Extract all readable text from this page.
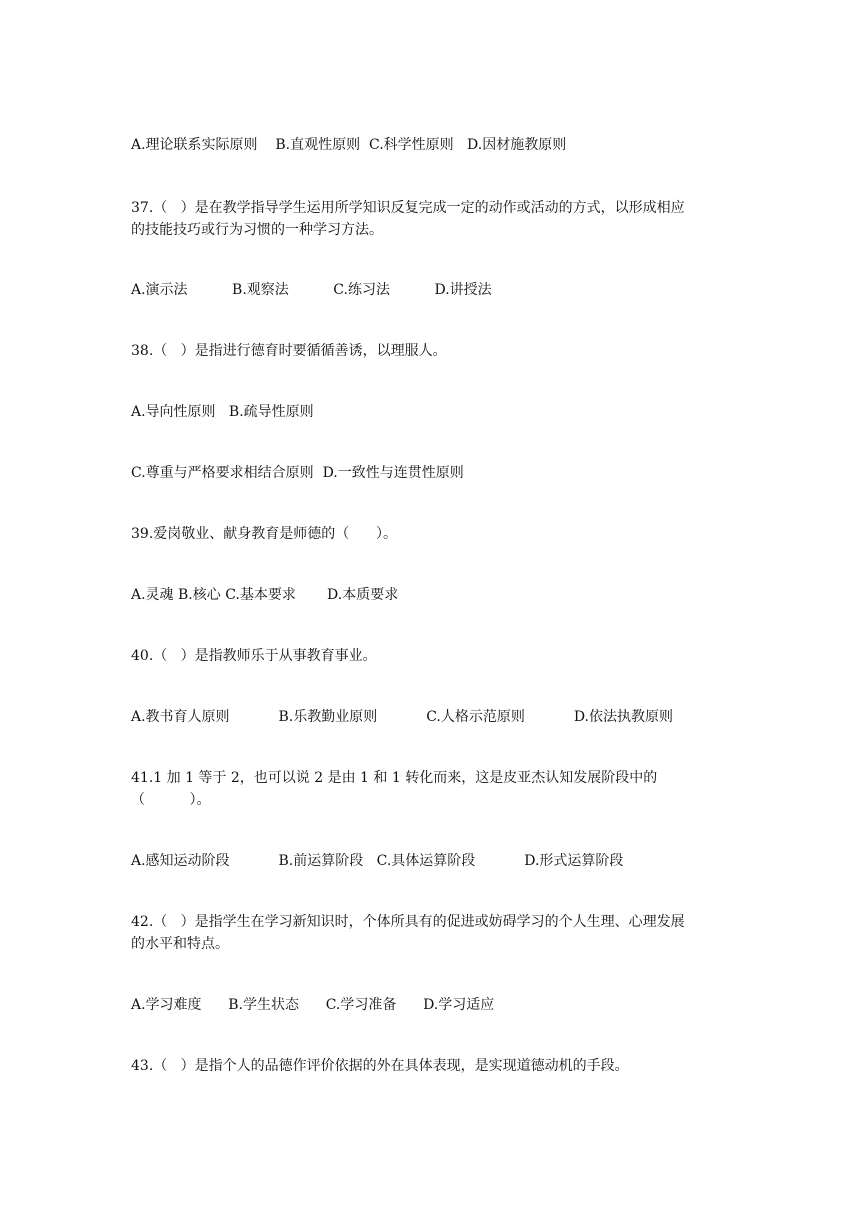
A.理论联系实际原则    B.直观性原则  C.科学性原则   D.因材施教原则
37.（   ）是在教学指导学生运用所学知识反复完成一定的动作或活动的方式，以形成相应
的技能技巧或行为习惯的一种学习方法。
A.演示法          B.观察法          C.练习法          D.讲授法
38.（   ）是指进行德育时要循循善诱，以理服人。
A.导向性原则   B.疏导性原则
C.尊重与严格要求相结合原则  D.一致性与连贯性原则
39.爱岗敬业、献身教育是师德的（      ）。
A.灵魂 B.核心 C.基本要求       D.本质要求
40.（   ）是指教师乐于从事教育事业。
A.教书育人原则           B.乐教勤业原则           C.人格示范原则           D.依法执教原则
41.1 加 1 等于 2，也可以说 2 是由 1 和 1 转化而来，这是皮亚杰认知发展阶段中的
（          ）。
A.感知运动阶段           B.前运算阶段   C.具体运算阶段           D.形式运算阶段
42.（   ）是指学生在学习新知识时，个体所具有的促进或妨碍学习的个人生理、心理发展
的水平和特点。
A.学习难度      B.学生状态      C.学习准备      D.学习适应
43.（   ）是指个人的品德作评价依据的外在具体表现，是实现道德动机的手段。
